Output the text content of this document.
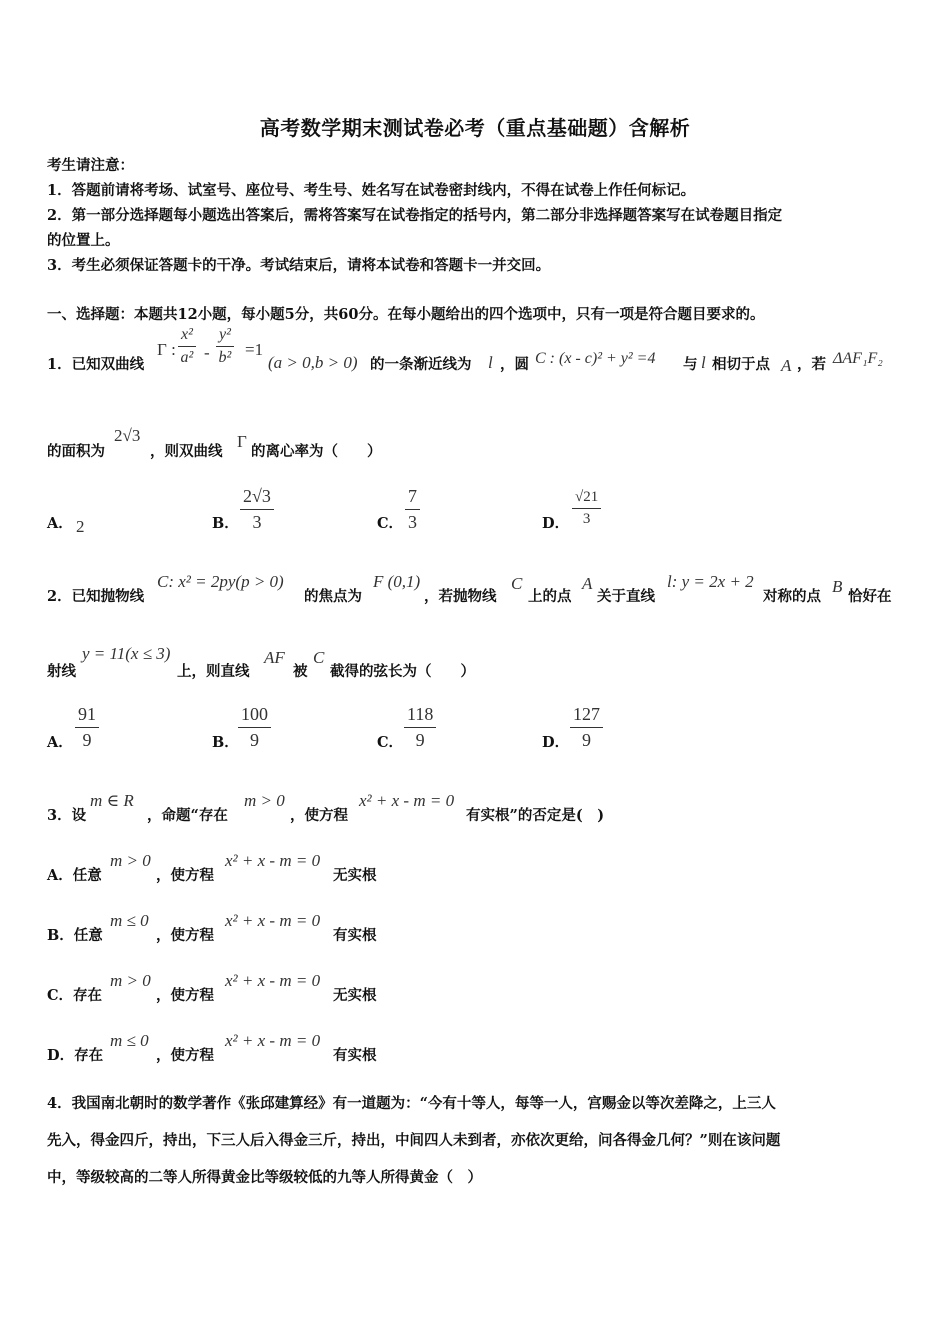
高考数学期末测试卷必考（重点基础题）含解析
考生请注意：
1．答题前请将考场、试室号、座位号、考生号、姓名写在试卷密封线内，不得在试卷上作任何标记。
2．第一部分选择题每小题选出答案后，需将答案写在试卷指定的括号内，第二部分非选择题答案写在试卷题目指定
的位置上。
3．考生必须保证答题卡的干净。考试结束后，请将本试卷和答题卡一并交回。
一、选择题：本题共12小题，每小题5分，共60分。在每小题给出的四个选项中，只有一项是符合题目要求的。
1．已知双曲线
Γ : $\frac{\text{x²}}{\text{a²}} - \frac{\text{y²}}{\text{b²}} =1$
(a > 0,b > 0) 的一条渐近线为 l ，圆 C : (x - c)² + y² =4 与 l 相切于点 A ，若 ΔAF₁F₂
的面积为
2√3
，则双曲线
Γ
的离心率为（　　）
A． 2	B． $\frac{2√3}{3}$	C． $\frac{7}{3}$	D． $\frac{√21}{3}$
2．已知抛物线
C: x² = 2py(p > 0)
的焦点为
F (0,1)
，若抛物线
C
上的点
A
关于直线
l: y = 2x + 2
对称的点
B
恰好在
射线
y = 11(x ≤ 3)
上，则直线
AF
被
C
截得的弦长为（　　）
A． $\frac{91}{9}$	B． $\frac{100}{9}$	C． $\frac{118}{9}$	D． $\frac{127}{9}$
3．设
m ∈ R
，命题“存在
m > 0
，使方程
x² + x - m = 0
有实根”的否定是(　)
A．任意
m > 0
，使方程
x² + x - m = 0
无实根
B．任意
m ≤ 0
，使方程
x² + x - m = 0
有实根
C．存在
m > 0
，使方程
x² + x - m = 0
无实根
D．存在
m ≤ 0
，使方程
x² + x - m = 0
有实根
4．我国南北朝时的数学著作《张邱建算经》有一道题为：“今有十等人，每等一人，宫赐金以等次差降之，上三人
先入，得金四斤，持出，下三人后入得金三斤，持出，中间四人未到者，亦依次更给，问各得金几何？”则在该问题
中，等级较高的二等人所得黄金比等级较低的九等人所得黄金（　）
